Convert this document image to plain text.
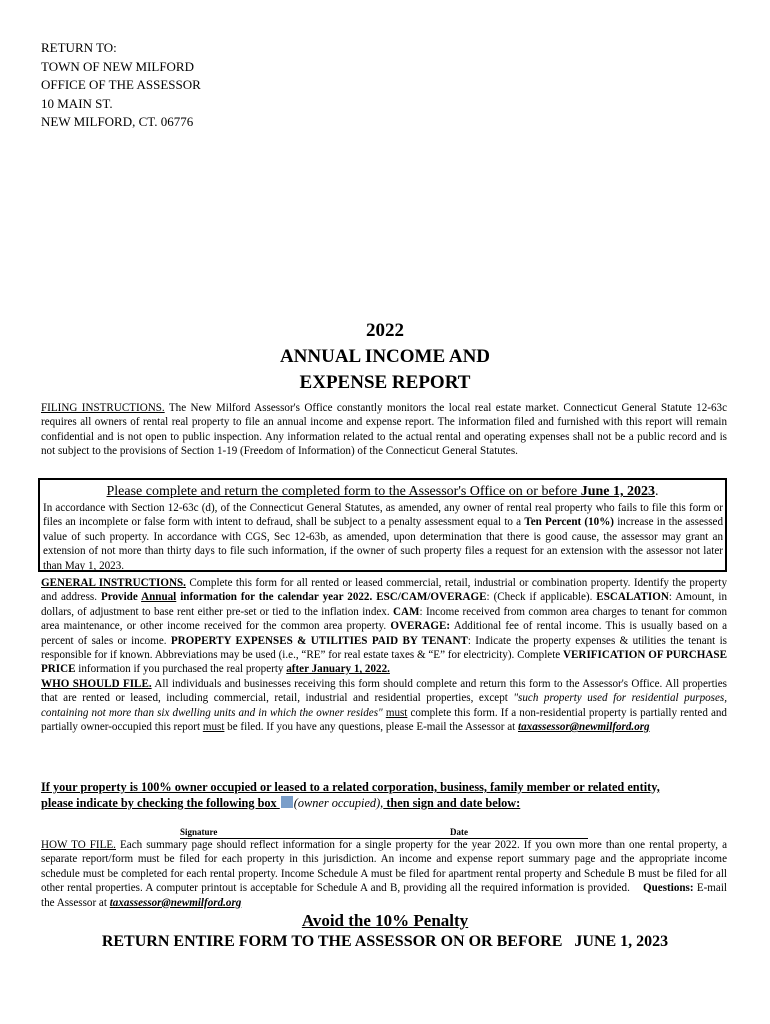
RETURN TO:
TOWN OF NEW MILFORD
OFFICE OF THE ASSESSOR
10 MAIN ST.
NEW MILFORD, CT. 06776
2022
ANNUAL INCOME AND
EXPENSE REPORT
FILING INSTRUCTIONS. The New Milford Assessor's Office constantly monitors the local real estate market. Connecticut General Statute 12-63c requires all owners of rental real property to file an annual income and expense report. The information filed and furnished with this report will remain confidential and is not open to public inspection. Any information related to the actual rental and operating expenses shall not be a public record and is not subject to the provisions of Section 1-19 (Freedom of Information) of the Connecticut General Statutes.
Please complete and return the completed form to the Assessor's Office on or before June 1, 2023.
In accordance with Section 12-63c (d), of the Connecticut General Statutes, as amended, any owner of rental real property who fails to file this form or files an incomplete or false form with intent to defraud, shall be subject to a penalty assessment equal to a Ten Percent (10%) increase in the assessed value of such property. In accordance with CGS, Sec 12-63b, as amended, upon determination that there is good cause, the assessor may grant an extension of not more than thirty days to file such information, if the owner of such property files a request for an extension with the assessor not later than May 1, 2023.
GENERAL INSTRUCTIONS. Complete this form for all rented or leased commercial, retail, industrial or combination property. Identify the property and address. Provide Annual information for the calendar year 2022. ESC/CAM/OVERAGE: (Check if applicable). ESCALATION: Amount, in dollars, of adjustment to base rent either pre-set or tied to the inflation index. CAM: Income received from common area charges to tenant for common area maintenance, or other income received for the common area property. OVERAGE: Additional fee of rental income. This is usually based on a percent of sales or income. PROPERTY EXPENSES & UTILITIES PAID BY TENANT: Indicate the property expenses & utilities the tenant is responsible for if known. Abbreviations may be used (i.e., “RE” for real estate taxes & “E” for electricity). Complete VERIFICATION OF PURCHASE PRICE information if you purchased the real property after January 1, 2022.
WHO SHOULD FILE. All individuals and businesses receiving this form should complete and return this form to the Assessor's Office. All properties that are rented or leased, including commercial, retail, industrial and residential properties, except "such property used for residential purposes, containing not more than six dwelling units and in which the owner resides" must complete this form. If a non-residential property is partially rented and partially owner-occupied this report must be filed. If you have any questions, please E-mail the Assessor at taxassessor@newmilford.org
If your property is 100% owner occupied or leased to a related corporation, business, family member or related entity,
please indicate by checking the following box (owner occupied), then sign and date below:
Signature	Date
HOW TO FILE. Each summary page should reflect information for a single property for the year 2022. If you own more than one rental property, a separate report/form must be filed for each property in this jurisdiction. An income and expense report summary page and the appropriate income schedule must be completed for each rental property. Income Schedule A must be filed for apartment rental property and Schedule B must be filed for all other rental properties. A computer printout is acceptable for Schedule A and B, providing all the required information is provided. Questions: E-mail the Assessor at taxassessor@newmilford.org
Avoid the 10% Penalty
RETURN ENTIRE FORM TO THE ASSESSOR ON OR BEFORE   JUNE 1, 2023
